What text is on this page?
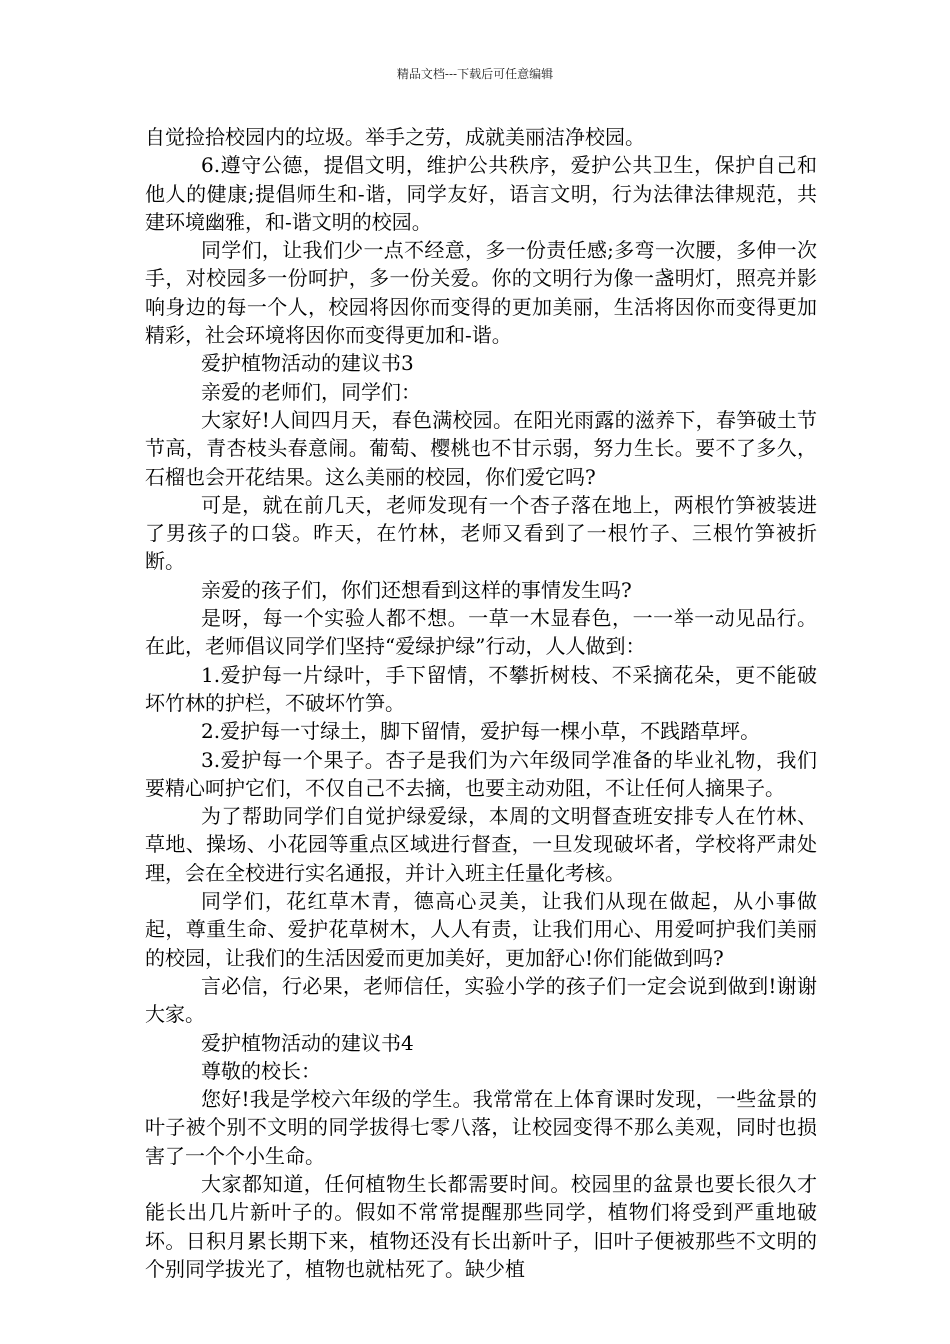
精品文档---下载后可任意编辑

自觉捡拾校园内的垃圾。举手之劳，成就美丽洁净校园。

6.遵守公德，提倡文明，维护公共秩序，爱护公共卫生，保护自己和他人的健康;提倡师生和-谐，同学友好，语言文明，行为法律法律规范，共建环境幽雅，和-谐文明的校园。

同学们，让我们少一点不经意，多一份责任感;多弯一次腰，多伸一次手，对校园多一份呵护，多一份关爱。你的文明行为像一盏明灯，照亮并影响身边的每一个人，校园将因你而变得的更加美丽，生活将因你而变得更加精彩，社会环境将因你而变得更加和-谐。

爱护植物活动的建议书3

亲爱的老师们，同学们：

大家好!人间四月天，春色满校园。在阳光雨露的滋养下，春笋破土节节高，青杏枝头春意闹。葡萄、樱桃也不甘示弱，努力生长。要不了多久，石榴也会开花结果。这么美丽的校园，你们爱它吗?

可是，就在前几天，老师发现有一个杏子落在地上，两根竹笋被装进了男孩子的口袋。昨天，在竹林，老师又看到了一根竹子、三根竹笋被折断。

亲爱的孩子们，你们还想看到这样的事情发生吗?

是呀，每一个实验人都不想。一草一木显春色，一一举一动见品行。在此，老师倡议同学们坚持“爱绿护绿”行动，人人做到：

1.爱护每一片绿叶，手下留情，不攀折树枝、不采摘花朵，更不能破坏竹林的护栏，不破坏竹笋。

2.爱护每一寸绿土，脚下留情，爱护每一棵小草，不践踏草坪。

3.爱护每一个果子。杏子是我们为六年级同学准备的毕业礼物，我们要精心呵护它们，不仅自己不去摘，也要主动劝阻，不让任何人摘果子。

为了帮助同学们自觉护绿爱绿，本周的文明督查班安排专人在竹林、草地、操场、小花园等重点区域进行督查，一旦发现破坏者，学校将严肃处理，会在全校进行实名通报，并计入班主任量化考核。

同学们，花红草木青，德高心灵美，让我们从现在做起，从小事做起，尊重生命、爱护花草树木，人人有责，让我们用心、用爱呵护我们美丽的校园，让我们的生活因爱而更加美好，更加舒心!你们能做到吗?

言必信，行必果，老师信任，实验小学的孩子们一定会说到做到!谢谢大家。

爱护植物活动的建议书4

尊敬的校长：

您好!我是学校六年级的学生。我常常在上体育课时发现，一些盆景的叶子被个别不文明的同学拔得七零八落，让校园变得不那么美观，同时也损害了一个个小生命。

大家都知道，任何植物生长都需要时间。校园里的盆景也要长很久才能长出几片新叶子的。假如不常常提醒那些同学，植物们将受到严重地破坏。日积月累长期下来，植物还没有长出新叶子，旧叶子便被那些不文明的个别同学拔光了，植物也就枯死了。缺少植
